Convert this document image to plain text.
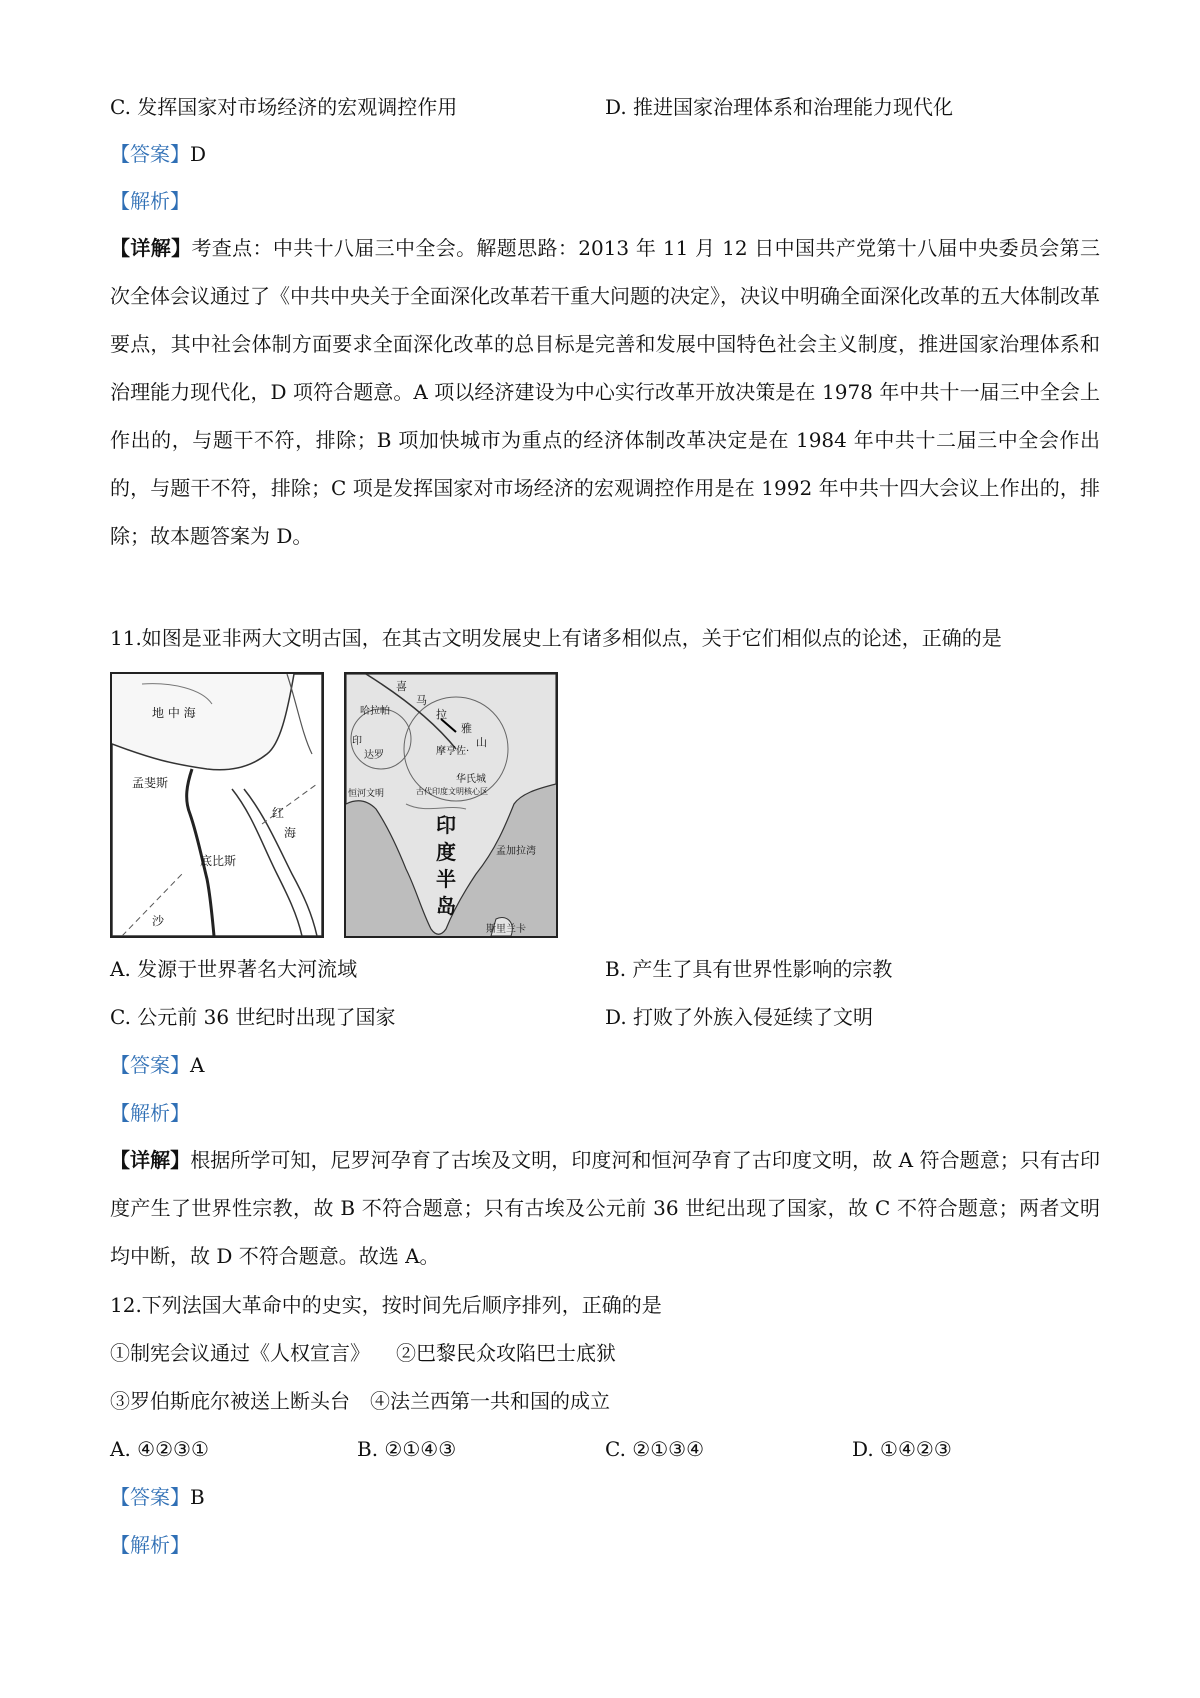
C. 发挥国家对市场经济的宏观调控作用	D. 推进国家治理体系和治理能力现代化
【答案】D
【解析】
【详解】考查点：中共十八届三中全会。解题思路：2013 年 11 月 12 日中国共产党第十八届中央委员会第三次全体会议通过了《中共中央关于全面深化改革若干重大问题的决定》，决议中明确全面深化改革的五大体制改革要点，其中社会体制方面要求全面深化改革的总目标是完善和发展中国特色社会主义制度，推进国家治理体系和治理能力现代化，D 项符合题意。A 项以经济建设为中心实行改革开放决策是在 1978 年中共十一届三中全会上作出的，与题干不符，排除；B 项加快城市为重点的经济体制改革决定是在 1984 年中共十二届三中全会作出的，与题干不符，排除；C 项是发挥国家对市场经济的宏观调控作用是在 1992 年中共十四大会议上作出的，排除；故本题答案为 D。
11.如图是亚非两大文明古国，在其古文明发展史上有诸多相似点，关于它们相似点的论述，正确的是
地 中 海
孟斐斯
底比斯
红
海
沙
喜
马
拉
雅
山
哈拉帕
印
达罗	摩亨佐·
华氏城
恒河文明
印
度
半
岛
孟加拉湾
斯里兰卡
古代印度文明核心区
A. 发源于世界著名大河流域	B. 产生了具有世界性影响的宗教
C. 公元前 36 世纪时出现了国家	D. 打败了外族入侵延续了文明
【答案】A
【解析】
【详解】根据所学可知，尼罗河孕育了古埃及文明，印度河和恒河孕育了古印度文明，故 A 符合题意；只有古印度产生了世界性宗教，故 B 不符合题意；只有古埃及公元前 36 世纪出现了国家，故 C 不符合题意；两者文明均中断，故 D 不符合题意。故选 A。
12.下列法国大革命中的史实，按时间先后顺序排列，正确的是
①制宪会议通过《人权宣言》 ②巴黎民众攻陷巴士底狱
③罗伯斯庇尔被送上断头台 ④法兰西第一共和国的成立
A. ④②③①	B. ②①④③	C. ②①③④	D. ①④②③
【答案】B
【解析】
